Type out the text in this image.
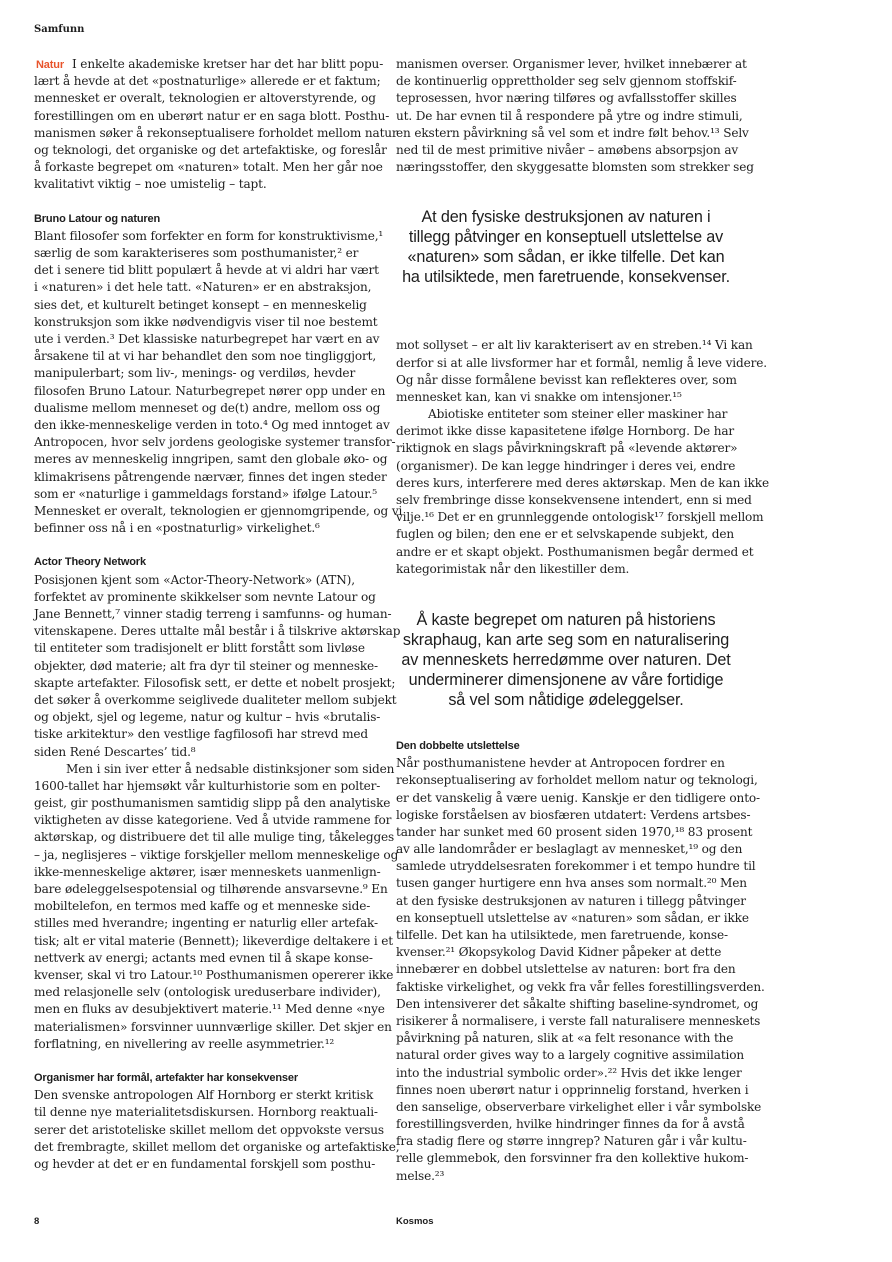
Samfunn
Natur I enkelte akademiske kretser har det har blitt popu-
lært å hevde at det «postnaturlige» allerede er et faktum;
mennesket er overalt, teknologien er altoverstyrende, og
forestillingen om en uberørt natur er en saga blott. Posthu-
manismen søker å rekonseptualisere forholdet mellom natur
og teknologi, det organiske og det artefaktiske, og foreslår
å forkaste begrepet om «naturen» totalt. Men her går noe
kvalitativt viktig – noe umistelig – tapt.
Bruno Latour og naturen
Blant filosofer som forfekter en form for konstruktivisme,¹
særlig de som karakteriseres som posthumanister,² er
det i senere tid blitt populært å hevde at vi aldri har vært
i «naturen» i det hele tatt. «Naturen» er en abstraksjon,
sies det, et kulturelt betinget konsept – en menneskelig
konstruksjon som ikke nødvendigvis viser til noe bestemt
ute i verden.³ Det klassiske naturbegrepet har vært en av
årsakene til at vi har behandlet den som noe tingliggjort,
manipulerbart; som liv-, menings- og verdiløs, hevder
filosofen Bruno Latour. Naturbegrepet nører opp under en
dualisme mellom menneset og de(t) andre, mellom oss og
den ikke-menneskelige verden in toto.⁴ Og med inntoget av
Antropocen, hvor selv jordens geologiske systemer transfor-
meres av menneskelig inngripen, samt den globale øko- og
klimakrisens påtrengende nærvær, finnes det ingen steder
som er «naturlige i gammeldags forstand» ifølge Latour.⁵
Mennesket er overalt, teknologien er gjennomgripende, og vi
befinner oss nå i en «postnaturlig» virkelighet.⁶
Actor Theory Network
Posisjonen kjent som «Actor-Theory-Network» (ATN),
forfektet av prominente skikkelser som nevnte Latour og
Jane Bennett,⁷ vinner stadig terreng i samfunns- og human-
vitenskapene. Deres uttalte mål består i å tilskrive aktørskap
til entiteter som tradisjonelt er blitt forstått som livløse
objekter, død materie; alt fra dyr til steiner og menneske-
skapte artefakter. Filosofisk sett, er dette et nobelt prosjekt;
det søker å overkomme seiglivede dualiteter mellom subjekt
og objekt, sjel og legeme, natur og kultur – hvis «brutalis-
tiske arkitektur» den vestlige fagfilosofi har strevd med
siden René Descartes’ tid.⁸
Men i sin iver etter å nedsable distinksjoner som siden
1600-tallet har hjemsøkt vår kulturhistorie som en polter-
geist, gir posthumanismen samtidig slipp på den analytiske
viktigheten av disse kategoriene. Ved å utvide rammene for
aktørskap, og distribuere det til alle mulige ting, tåkelegges
– ja, neglisjeres – viktige forskjeller mellom menneskelige og
ikke-menneskelige aktører, især menneskets uanmenlign-
bare ødeleggelsespotensial og tilhørende ansvarsevne.⁹ En
mobiltelefon, en termos med kaffe og et menneske side-
stilles med hverandre; ingenting er naturlig eller artefak-
tisk; alt er vital materie (Bennett); likeverdige deltakere i et
nettverk av energi; actants med evnen til å skape konse-
kvenser, skal vi tro Latour.¹⁰ Posthumanismen opererer ikke
med relasjonelle selv (ontologisk ureduserbare individer),
men en fluks av desubjektivert materie.¹¹ Med denne «nye
materialismen» forsvinner uunnværlige skiller. Det skjer en
forflatning, en nivellering av reelle asymmetrier.¹²
Organismer har formål, artefakter har konsekvenser
Den svenske antropologen Alf Hornborg er sterkt kritisk
til denne nye materialitetsdiskursen. Hornborg reaktuali-
serer det aristoteliske skillet mellom det oppvokste versus
det frembragte, skillet mellom det organiske og artefaktiske,
og hevder at det er en fundamental forskjell som posthu-
manismen overser. Organismer lever, hvilket innebærer at
de kontinuerlig opprettholder seg selv gjennom stoffskif-
teprosessen, hvor næring tilføres og avfallsstoffer skilles
ut. De har evnen til å respondere på ytre og indre stimuli,
en ekstern påvirkning så vel som et indre følt behov.¹³ Selv
ned til de mest primitive nivåer – amøbens absorpsjon av
næringsstoffer, den skyggesatte blomsten som strekker seg
At den fysiske destruksjonen av naturen i
tillegg påtvinger en konseptuell utslettelse av
«naturen» som sådan, er ikke tilfelle. Det kan
ha utilsiktede, men faretruende, konsekvenser.
mot sollyset – er alt liv karakterisert av en streben.¹⁴ Vi kan
derfor si at alle livsformer har et formål, nemlig å leve videre.
Og når disse formålene bevisst kan reflekteres over, som
mennesket kan, kan vi snakke om intensjoner.¹⁵
Abiotiske entiteter som steiner eller maskiner har
derimot ikke disse kapasitetene ifølge Hornborg. De har
riktignok en slags påvirkningskraft på «levende aktører»
(organismer). De kan legge hindringer i deres vei, endre
deres kurs, interferere med deres aktørskap. Men de kan ikke
selv frembringe disse konsekvensene intendert, enn si med
vilje.¹⁶ Det er en grunnleggende ontologisk¹⁷ forskjell mellom
fuglen og bilen; den ene er et selvskapende subjekt, den
andre er et skapt objekt. Posthumanismen begår dermed et
kategorimistak når den likestiller dem.
Å kaste begrepet om naturen på historiens
skraphaug, kan arte seg som en naturalisering
av menneskets herredømme over naturen. Det
underminerer dimensjonene av våre fortidige
så vel som nåtidige ødeleggelser.
Den dobbelte utslettelse
Når posthumanistene hevder at Antropocen fordrer en
rekonseptualisering av forholdet mellom natur og teknologi,
er det vanskelig å være uenig. Kanskje er den tidligere onto-
logiske forståelsen av biosfæren utdatert: Verdens artsbes-
tander har sunket med 60 prosent siden 1970,¹⁸ 83 prosent
av alle landområder er beslaglagt av mennesket,¹⁹ og den
samlede utryddelsesraten forekommer i et tempo hundre til
tusen ganger hurtigere enn hva anses som normalt.²⁰ Men
at den fysiske destruksjonen av naturen i tillegg påtvinger
en konseptuell utslettelse av «naturen» som sådan, er ikke
tilfelle. Det kan ha utilsiktede, men faretruende, konse-
kvenser.²¹ Økopsykolog David Kidner påpeker at dette
innebærer en dobbel utslettelse av naturen: bort fra den
faktiske virkelighet, og vekk fra vår felles forestillingsverden.
Den intensiverer det såkalte shifting baseline-syndromet, og
risikerer å normalisere, i verste fall naturalisere menneskets
påvirkning på naturen, slik at «a felt resonance with the
natural order gives way to a largely cognitive assimilation
into the industrial symbolic order».²² Hvis det ikke lenger
finnes noen uberørt natur i opprinnelig forstand, hverken i
den sanselige, observerbare virkelighet eller i vår symbolske
forestillingsverden, hvilke hindringer finnes da for å avstå
fra stadig flere og større inngrep? Naturen går i vår kultu-
relle glemmebok, den forsvinner fra den kollektive hukom-
melse.²³
8	Kosmos
